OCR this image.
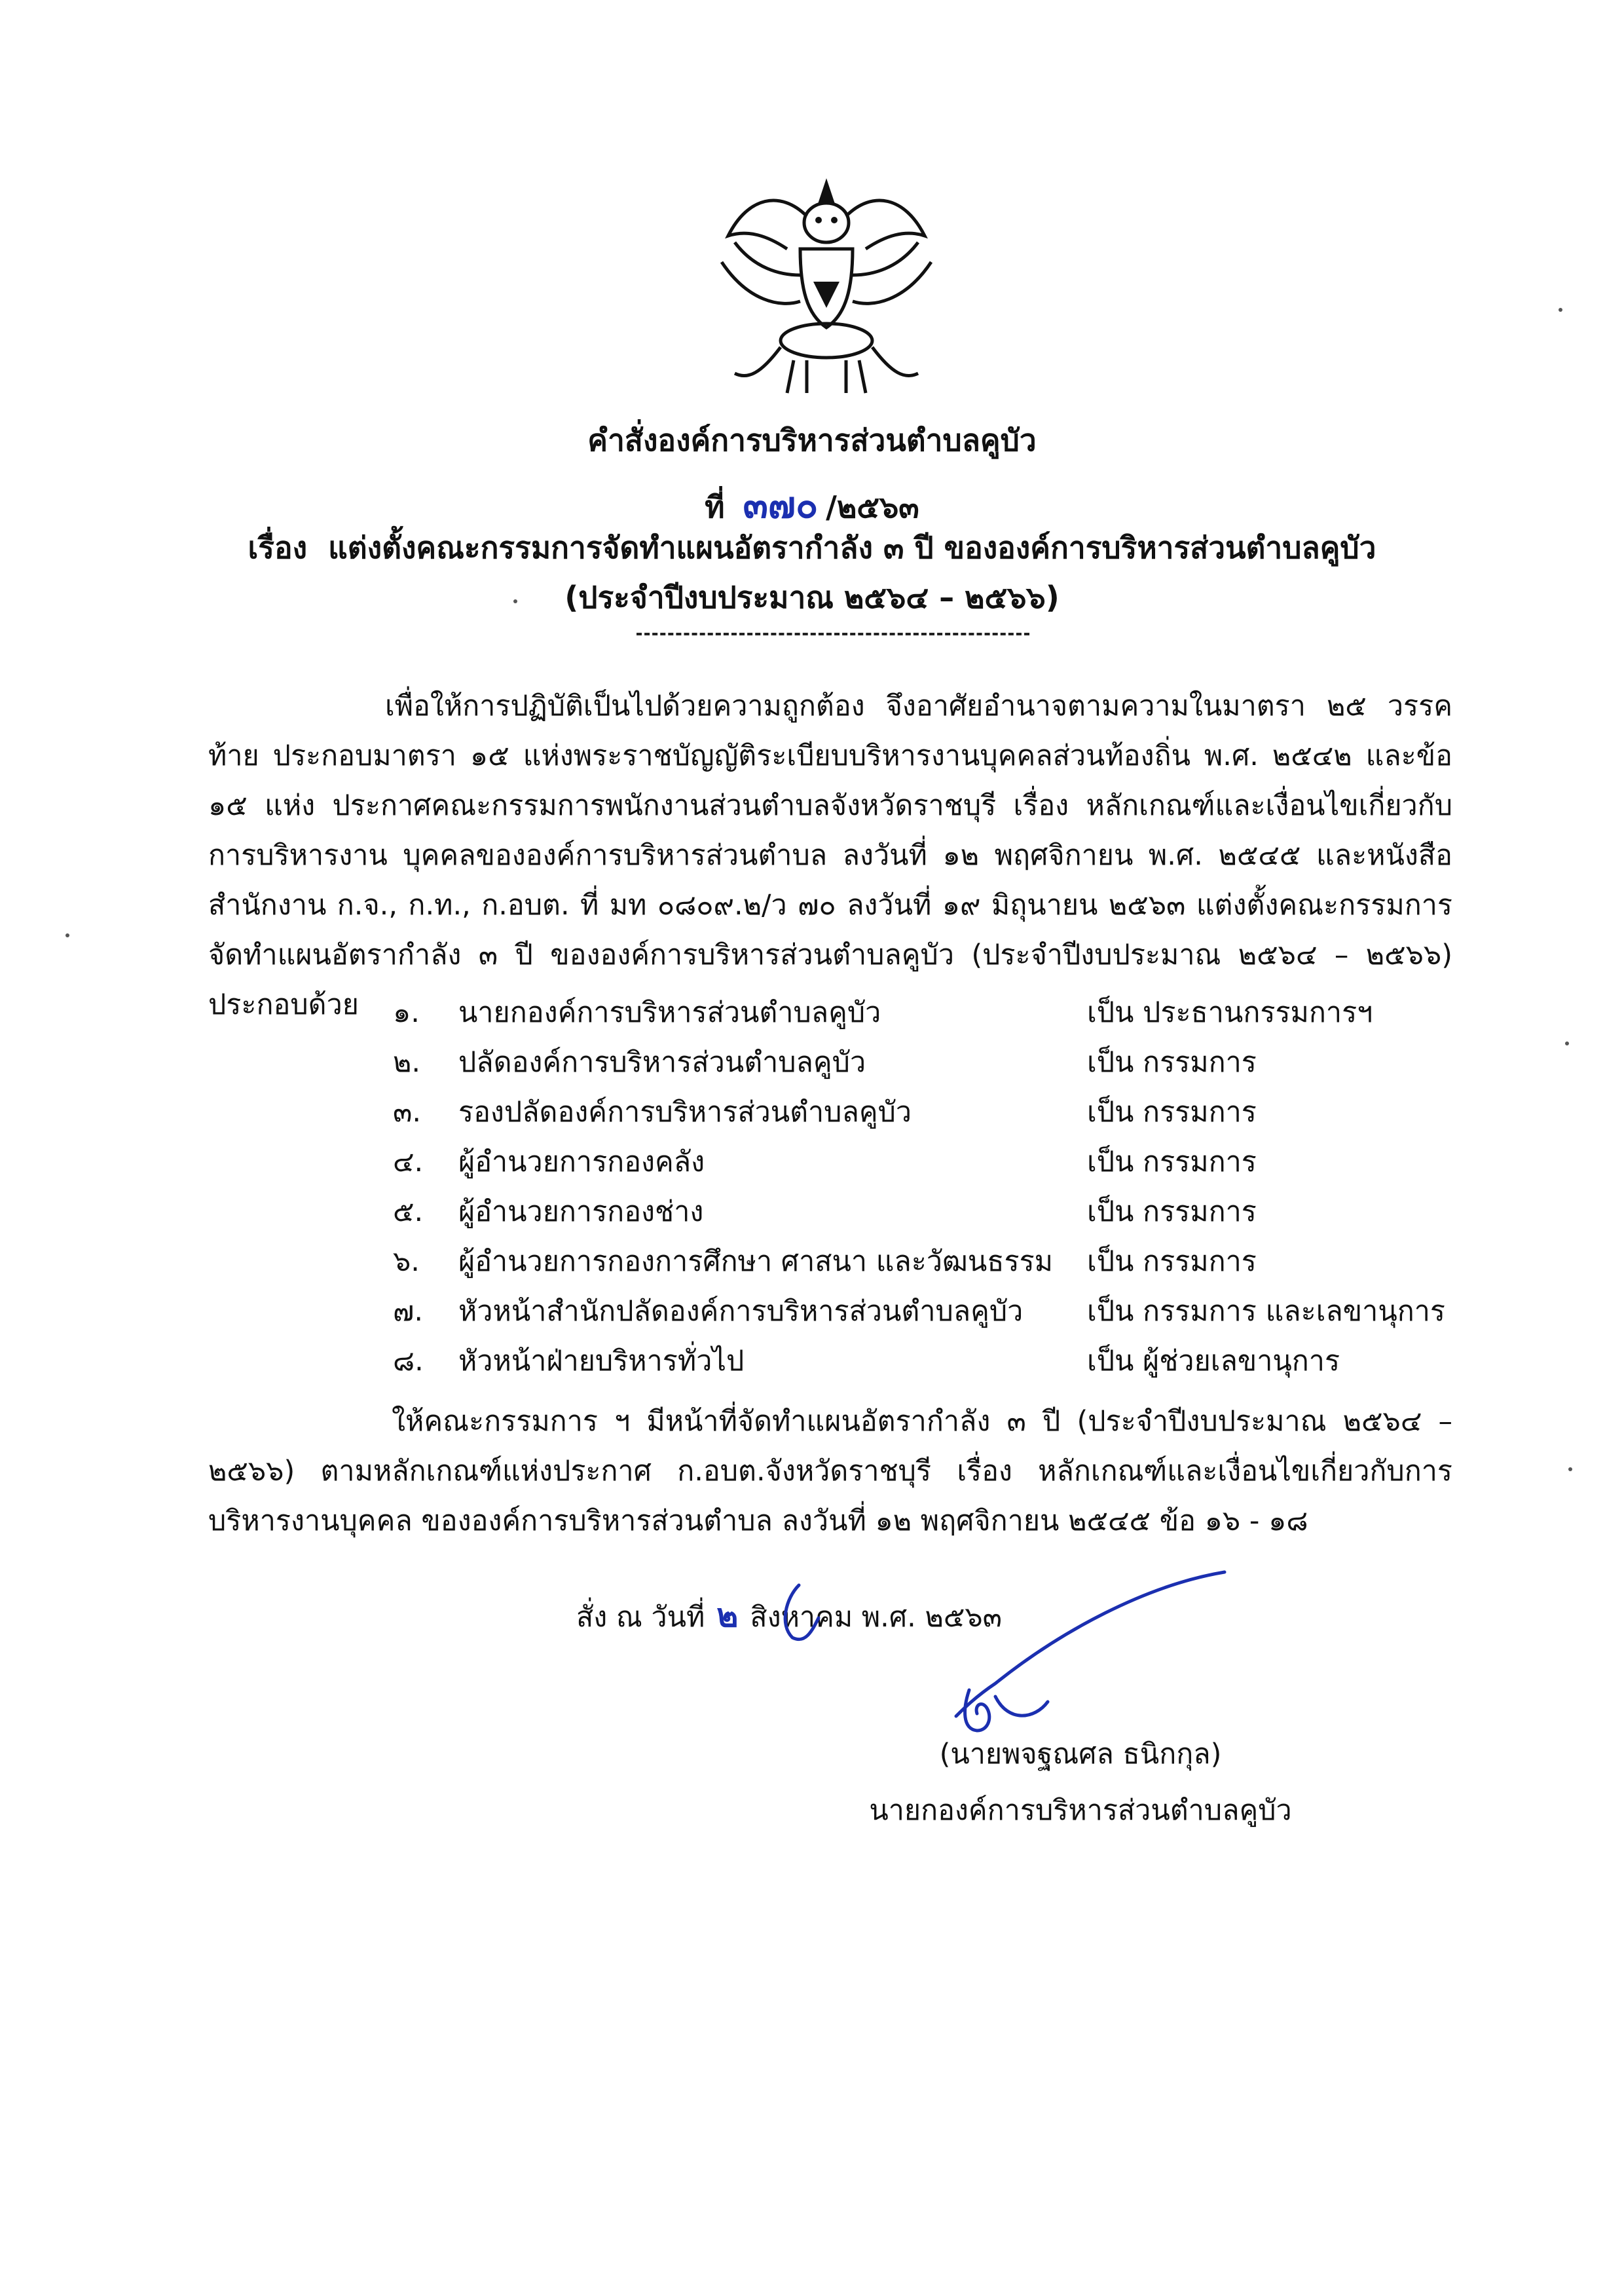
คำสั่งองค์การบริหารส่วนตำบลคูบัว
ที่ ๓๗๐ /๒๕๖๓
เรื่อง แต่งตั้งคณะกรรมการจัดทำแผนอัตรากำลัง ๓ ปี ขององค์การบริหารส่วนตำบลคูบัว
(ประจำปีงบประมาณ ๒๕๖๔ – ๒๕๖๖)
เพื่อให้การปฏิบัติเป็นไปด้วยความถูกต้อง จึงอาศัยอำนาจตามความในมาตรา ๒๕ วรรคท้าย ประกอบมาตรา ๑๕ แห่งพระราชบัญญัติระเบียบบริหารงานบุคคลส่วนท้องถิ่น พ.ศ. ๒๕๔๒ และข้อ ๑๕ แห่ง ประกาศคณะกรรมการพนักงานส่วนตำบลจังหวัดราชบุรี เรื่อง หลักเกณฑ์และเงื่อนไขเกี่ยวกับการบริหารงาน บุคคลขององค์การบริหารส่วนตำบล ลงวันที่ ๑๒ พฤศจิกายน พ.ศ. ๒๕๔๕ และหนังสือสำนักงาน ก.จ., ก.ท., ก.อบต. ที่ มท ๐๘๐๙.๒/ว ๗๐ ลงวันที่ ๑๙ มิถุนายน ๒๕๖๓ แต่งตั้งคณะกรรมการจัดทำแผนอัตรากำลัง ๓ ปี ขององค์การบริหารส่วนตำบลคูบัว (ประจำปีงบประมาณ ๒๕๖๔ – ๒๕๖๖) ประกอบด้วย	๑.	นายกองค์การบริหารส่วนตำบลคูบัว	เป็น ประธานกรรมการฯ
๒.	ปลัดองค์การบริหารส่วนตำบลคูบัว	เป็น กรรมการ
๓.	รองปลัดองค์การบริหารส่วนตำบลคูบัว	เป็น กรรมการ
๔.	ผู้อำนวยการกองคลัง	เป็น กรรมการ
๕.	ผู้อำนวยการกองช่าง	เป็น กรรมการ
๖.	ผู้อำนวยการกองการศึกษา ศาสนา และวัฒนธรรม	เป็น กรรมการ
๗.	หัวหน้าสำนักปลัดองค์การบริหารส่วนตำบลคูบัว	เป็น กรรมการ และเลขานุการ
๘.	หัวหน้าฝ่ายบริหารทั่วไป	เป็น ผู้ช่วยเลขานุการ
ให้คณะกรรมการ ฯ มีหน้าที่จัดทำแผนอัตรากำลัง ๓ ปี (ประจำปีงบประมาณ ๒๕๖๔ – ๒๕๖๖) ตามหลักเกณฑ์แห่งประกาศ ก.อบต.จังหวัดราชบุรี เรื่อง หลักเกณฑ์และเงื่อนไขเกี่ยวกับการบริหารงานบุคคล ขององค์การบริหารส่วนตำบล ลงวันที่ ๑๒ พฤศจิกายน ๒๕๔๕ ข้อ ๑๖ - ๑๘
สั่ง ณ วันที่ ๒ สิงหาคม พ.ศ. ๒๕๖๓
(นายพจฐณศล ธนิกกุล)
นายกองค์การบริหารส่วนตำบลคูบัว
